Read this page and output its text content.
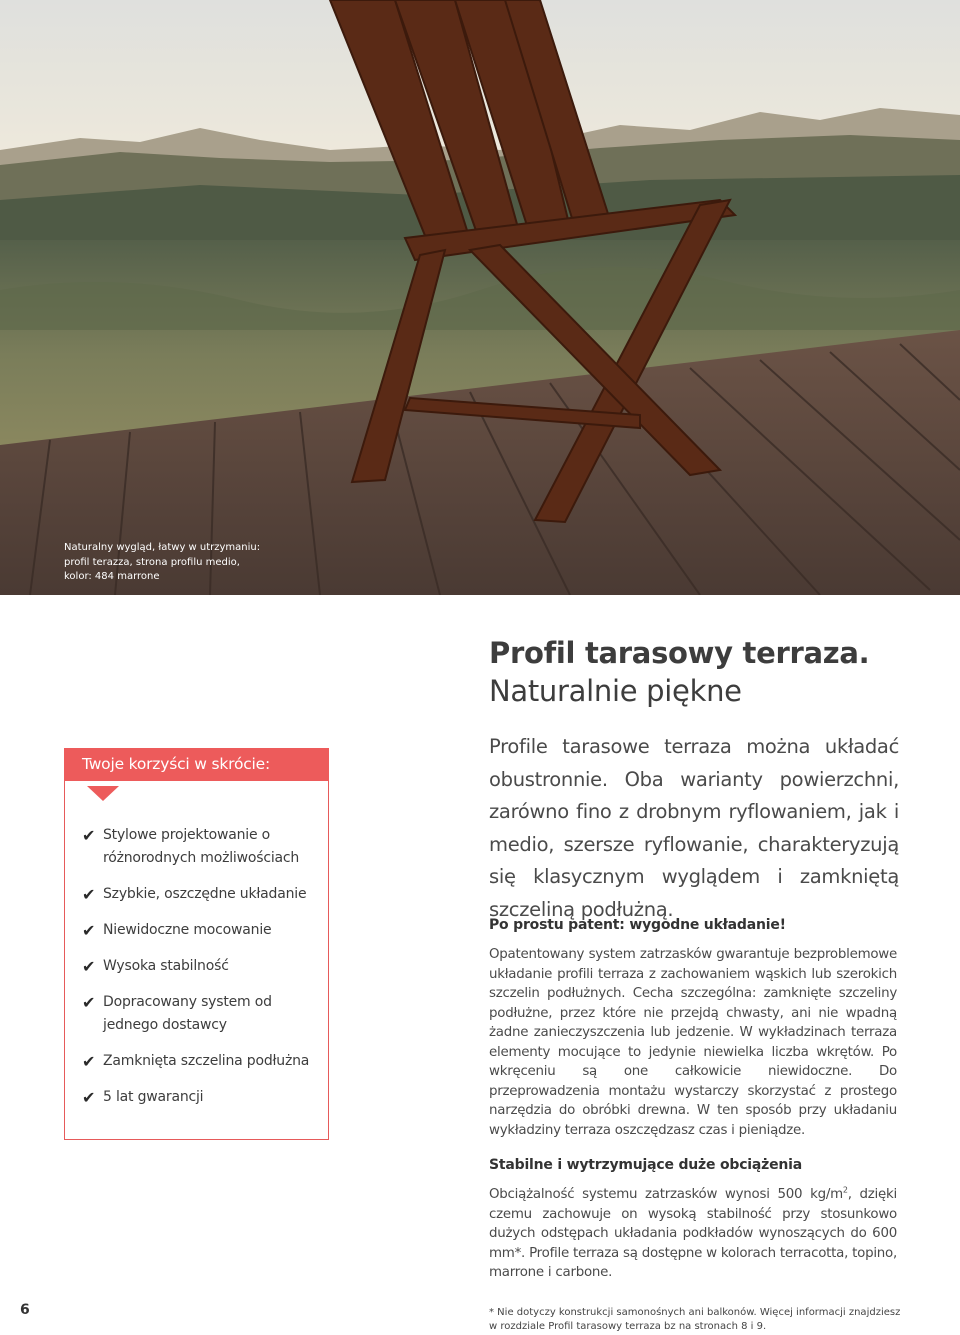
Naturalny wygląd, łatwy w utrzymaniu:
profil terazza, strona profilu medio,
kolor: 484 marrone
Profil tarasowy terraza.
Naturalnie piękne
Profile tarasowe terraza można układać obustronnie. Oba warianty powierzchni, zarówno fino z drobnym ryflowaniem, jak i medio, szersze ryflowanie, charakteryzują się klasycznym wyglądem i zamkniętą szczeliną podłużną.
Po prostu patent: wygodne układanie!
Opatentowany system zatrzasków gwarantuje bezproblemowe układanie profili terraza z zachowaniem wąskich lub szerokich szczelin podłużnych. Cecha szczególna: zamknięte szczeliny podłużne, przez które nie przejdą chwasty, ani nie wpadną żadne zanieczyszczenia lub jedzenie. W wykładzinach terraza elementy mocujące to jedynie niewielka liczba wkrętów. Po wkręceniu są one całkowicie niewidoczne. Do przeprowadzenia montażu wystarczy skorzystać z prostego narzędzia do obróbki drewna. W ten sposób przy układaniu wykładziny terraza oszczędzasz czas i pieniądze.
Stabilne i wytrzymujące duże obciążenia
Obciążalność systemu zatrzasków wynosi 500 $kg/m^2$, dzięki czemu zachowuje on wysoką stabilność przy stosunkowo dużych odstępach układania podkładów wynoszących do 600 mm*. Profile terraza są dostępne w kolorach terracotta, topino, marrone i carbone.
Twoje korzyści w skrócie:
✔ Stylowe projektowanie o różnorodnych możliwościach
✔ Szybkie, oszczędne układanie
✔ Niewidoczne mocowanie
✔ Wysoka stabilność
✔ Dopracowany system od jednego dostawcy
✔ Zamknięta szczelina podłużna
✔ 5 lat gwarancji
6	* Nie dotyczy konstrukcji samonośnych ani balkonów. Więcej informacji znajdziesz
w rozdziale Profil tarasowy terraza bz na stronach 8 i 9.
